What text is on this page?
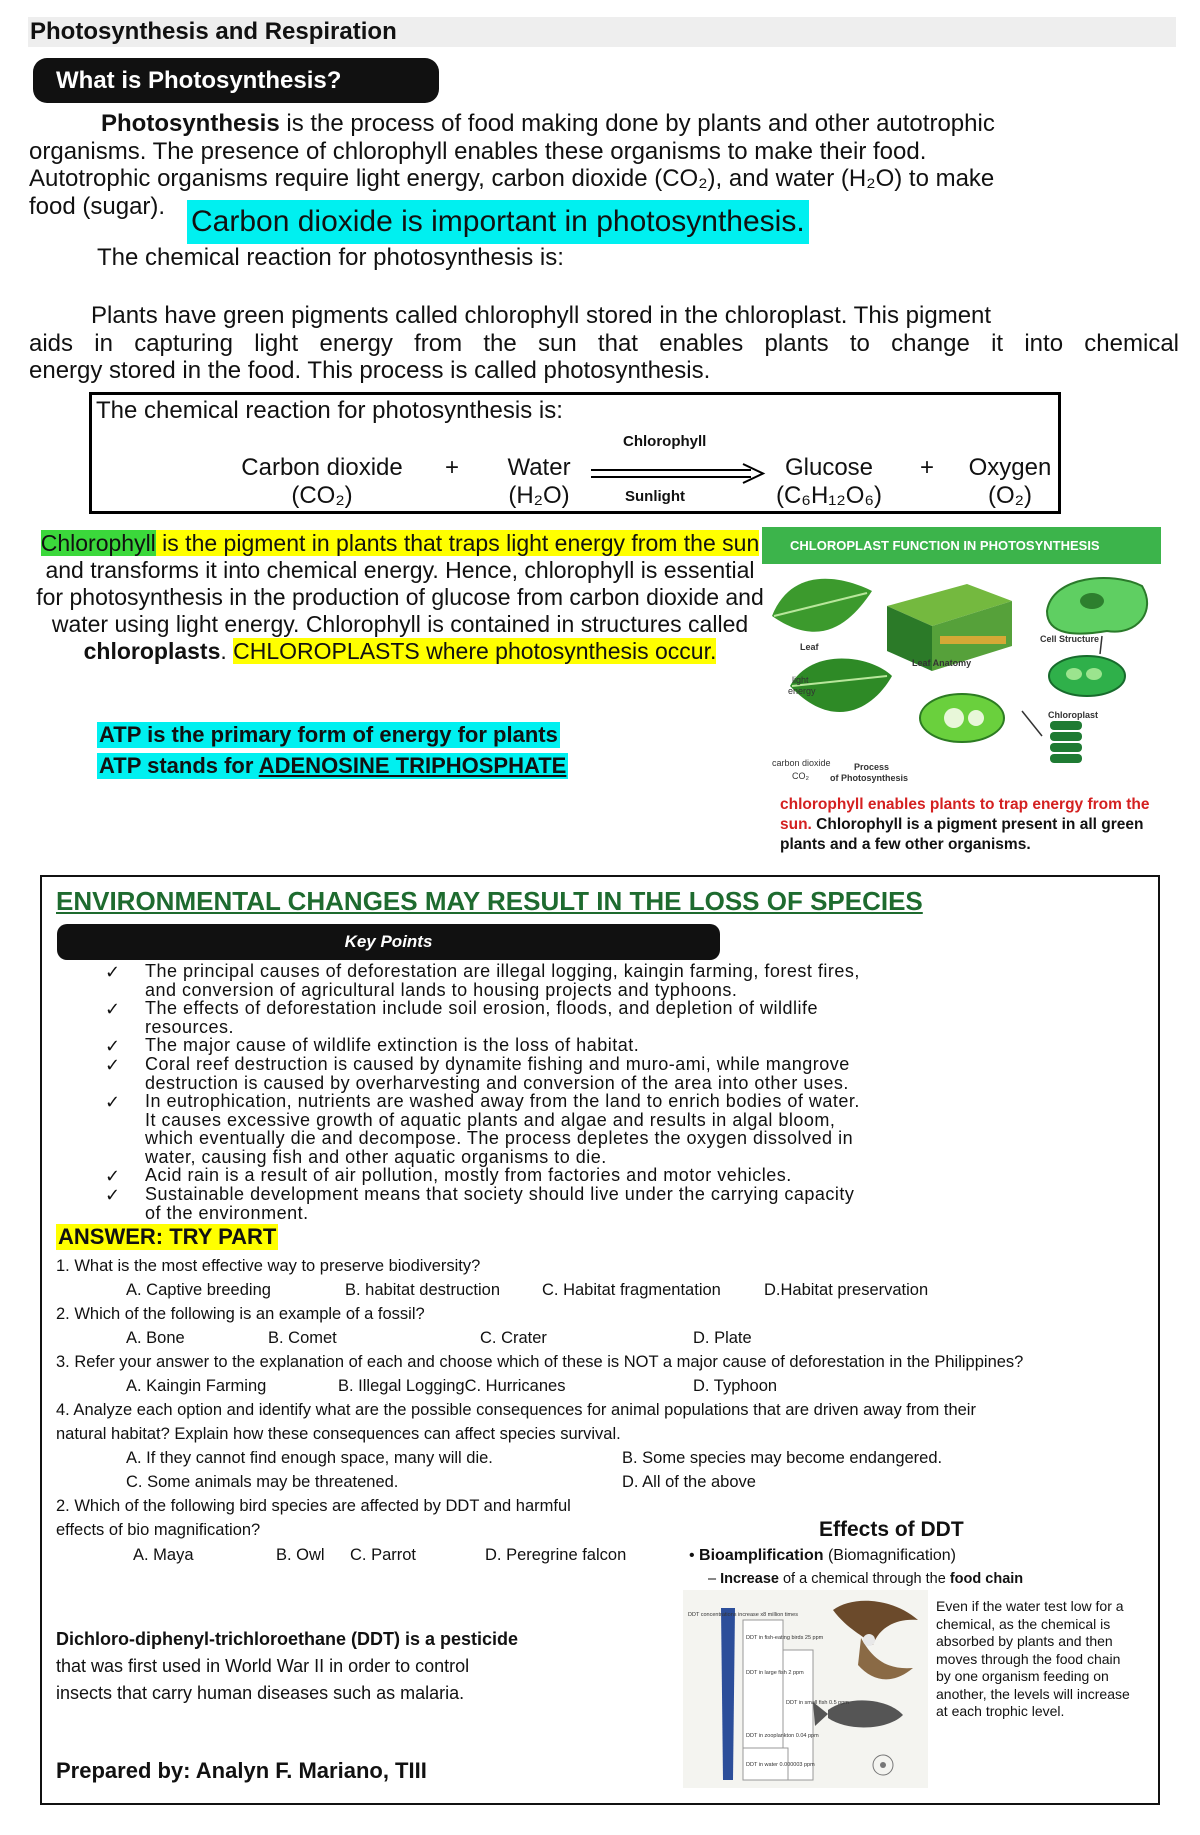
Photosynthesis and Respiration
What is Photosynthesis?
Photosynthesis is the process of food making done by plants and other autotrophic
organisms. The presence of chlorophyll enables these organisms to make their food.
Autotrophic organisms require light energy, carbon dioxide (CO₂), and water (H₂O) to make
food (sugar). Carbon dioxide is important in photosynthesis.
The chemical reaction for photosynthesis is:
Plants have green pigments called chlorophyll stored in the chloroplast. This pigment
aids in capturing light energy from the sun that enables plants to change it into chemical
energy stored in the food. This process is called photosynthesis.
The chemical reaction for photosynthesis is:
Chlorophyll
Carbon dioxide
(CO₂)
+	Water
(H₂O)	Sunlight
Glucose
(C₆H₁₂O₆)
+	Oxygen
(O₂)
Chlorophyll is the pigment in plants that traps light energy from the sun and transforms it into chemical energy. Hence, chlorophyll is essential for photosynthesis in the production of glucose from carbon dioxide and water using light energy. Chlorophyll is contained in structures called chloroplasts. CHLOROPLASTS where photosynthesis occur.
ATP is the primary form of energy for plants
ATP stands for ADENOSINE TRIPHOSPHATE
CHLOROPLAST FUNCTION IN PHOTOSYNTHESIS
Leaf
Leaf Anatomy
Cell Structure
light
energy
Chloroplast
carbon dioxide
CO₂
Process
of Photosynthesis
chlorophyll enables plants to trap energy from the sun. Chlorophyll is a pigment present in all green plants and a few other organisms.
ENVIRONMENTAL CHANGES MAY RESULT IN THE LOSS OF SPECIES
Key Points
✓ The principal causes of deforestation are illegal logging, kaingin farming, forest fires,
and conversion of agricultural lands to housing projects and typhoons.
✓ The effects of deforestation include soil erosion, floods, and depletion of wildlife
resources.
✓ The major cause of wildlife extinction is the loss of habitat.
✓ Coral reef destruction is caused by dynamite fishing and muro-ami, while mangrove
destruction is caused by overharvesting and conversion of the area into other uses.
✓ In eutrophication, nutrients are washed away from the land to enrich bodies of water.
It causes excessive growth of aquatic plants and algae and results in algal bloom,
which eventually die and decompose. The process depletes the oxygen dissolved in
water, causing fish and other aquatic organisms to die.
✓ Acid rain is a result of air pollution, mostly from factories and motor vehicles.
✓ Sustainable development means that society should live under the carrying capacity
of the environment.
ANSWER: TRY PART
1. What is the most effective way to preserve biodiversity?
A. Captive breeding	B. habitat destruction	C. Habitat fragmentation	D.Habitat preservation
2. Which of the following is an example of a fossil?
A. Bone	B. Comet	C. Crater	D. Plate
3. Refer your answer to the explanation of each and choose which of these is NOT a major cause of deforestation in the Philippines?
A. Kaingin Farming	B. Illegal LoggingC. Hurricanes	D. Typhoon
4. Analyze each option and identify what are the possible consequences for animal populations that are driven away from their
natural habitat? Explain how these consequences can affect species survival.
A. If they cannot find enough space, many will die.	B. Some species may become endangered.
C. Some animals may be threatened.	D. All of the above
2. Which of the following bird species are affected by DDT and harmful
effects of bio magnification?
A. Maya	B. Owl C. Parrot	D. Peregrine falcon
Dichloro-diphenyl-trichloroethane (DDT) is a pesticide
that was first used in World War II in order to control
insects that carry human diseases such as malaria.
Prepared by: Analyn F. Mariano, TIII
Effects of DDT
• Bioamplification (Biomagnification)
– Increase of a chemical through the food chain
Even if the water test low for a chemical, as the chemical is absorbed by plants and then moves through the food chain by one organism feeding on another, the levels will increase at each trophic level.
DDT concentrations increase x8 million times
DDT in fish-eating birds 25 ppm
DDT in large fish 2 ppm
DDT in small fish 0.5 ppm
DDT in zooplankton 0.04 ppm
DDT in water 0.000003 ppm
